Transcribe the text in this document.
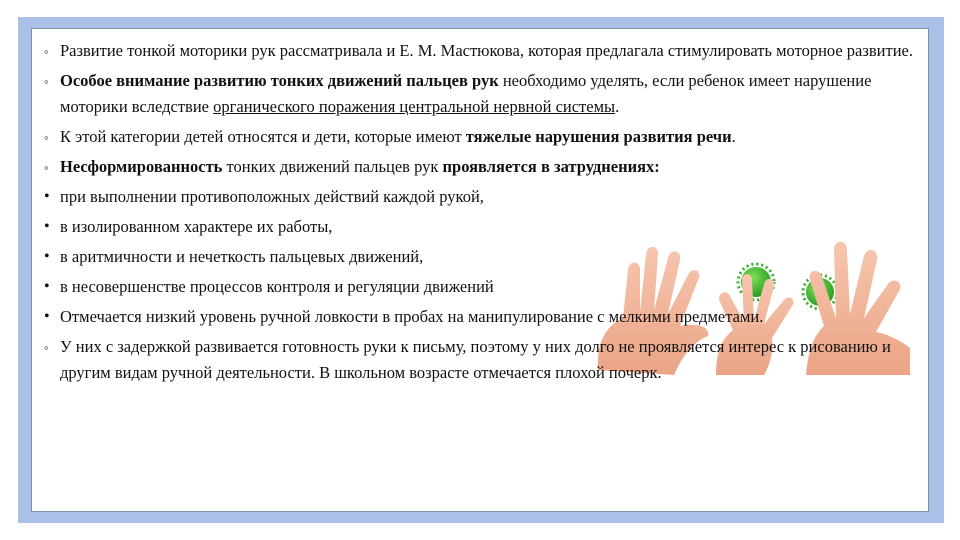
◦ Развитие тонкой моторики рук рассматривала и Е. М. Мастюкова, которая предлагала стимулировать моторное развитие.
◦ Особое внимание развитию тонких движений пальцев рук необходимо уделять, если ребенок имеет нарушение моторики вследствие органического поражения центральной нервной системы.
◦ К этой категории детей относятся и дети, которые имеют тяжелые нарушения развития речи.
◦ Несформированность тонких движений пальцев рук проявляется в затруднениях:
• при выполнении противоположных действий каждой рукой,
• в изолированном характере их работы,
• в аритмичности и нечеткость пальцевых движений,
• в несовершенстве процессов контроля и регуляции движений
• Отмечается низкий уровень ручной ловкости в пробах на манипулирование с мелкими предметами.
◦ У них с задержкой развивается готовность руки к письму, поэтому у них долго не проявляется интерес к рисованию и другим видам ручной деятельности. В школьном возрасте отмечается плохой почерк.
